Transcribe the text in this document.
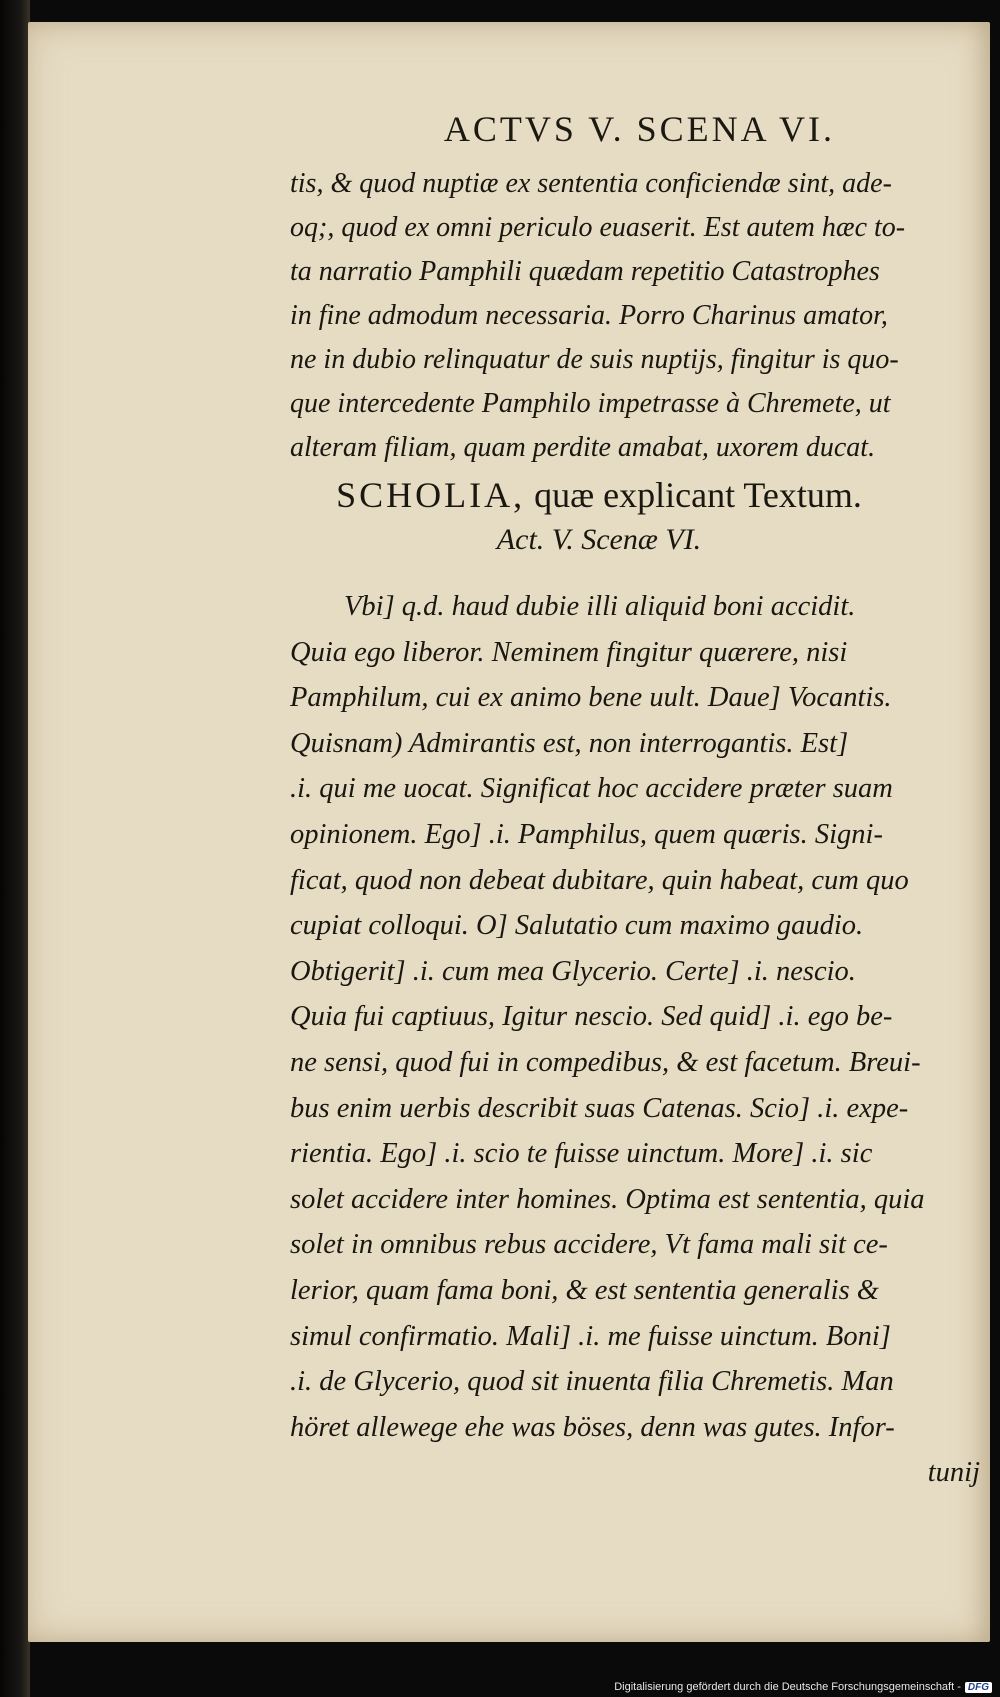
ACTVS V. SCENA VI.
tis, & quod nuptiæ ex sententia conficiendæ sint, ade-
oq;, quod ex omni periculo euaserit. Est autem hæc to-
ta narratio Pamphili quædam repetitio Catastrophes
in fine admodum necessaria. Porro Charinus amator,
ne in dubio relinquatur de suis nuptijs, fingitur is quo-
que intercedente Pamphilo impetrasse à Chremete, ut
alteram filiam, quam perdite amabat, uxorem ducat.
SCHOLIA, quæ explicant Textum.
Act. V. Scenæ VI.
Vbi] q.d. haud dubie illi aliquid boni accidit.
Quia ego liberor. Neminem fingitur quærere, nisi
Pamphilum, cui ex animo bene uult. Daue] Vocantis.
Quisnam) Admirantis est, non interrogantis. Est]
.i. qui me uocat. Significat hoc accidere præter suam
opinionem. Ego] .i. Pamphilus, quem quæris. Signi-
ficat, quod non debeat dubitare, quin habeat, cum quo
cupiat colloqui. O] Salutatio cum maximo gaudio.
Obtigerit] .i. cum mea Glycerio. Certe] .i. nescio.
Quia fui captiuus, Igitur nescio. Sed quid] .i. ego be-
ne sensi, quod fui in compedibus, & est facetum. Breui-
bus enim uerbis describit suas Catenas. Scio] .i. expe-
rientia. Ego] .i. scio te fuisse uinctum. More] .i. sic
solet accidere inter homines. Optima est sententia, quia
solet in omnibus rebus accidere, Vt fama mali sit ce-
lerior, quam fama boni, & est sententia generalis &
simul confirmatio. Mali] .i. me fuisse uinctum. Boni]
.i. de Glycerio, quod sit inuenta filia Chremetis. Man
höret allewege ehe was böses, denn was gutes. Infor-
tunij
Digitalisierung gefördert durch die Deutsche Forschungsgemeinschaft - DFG
